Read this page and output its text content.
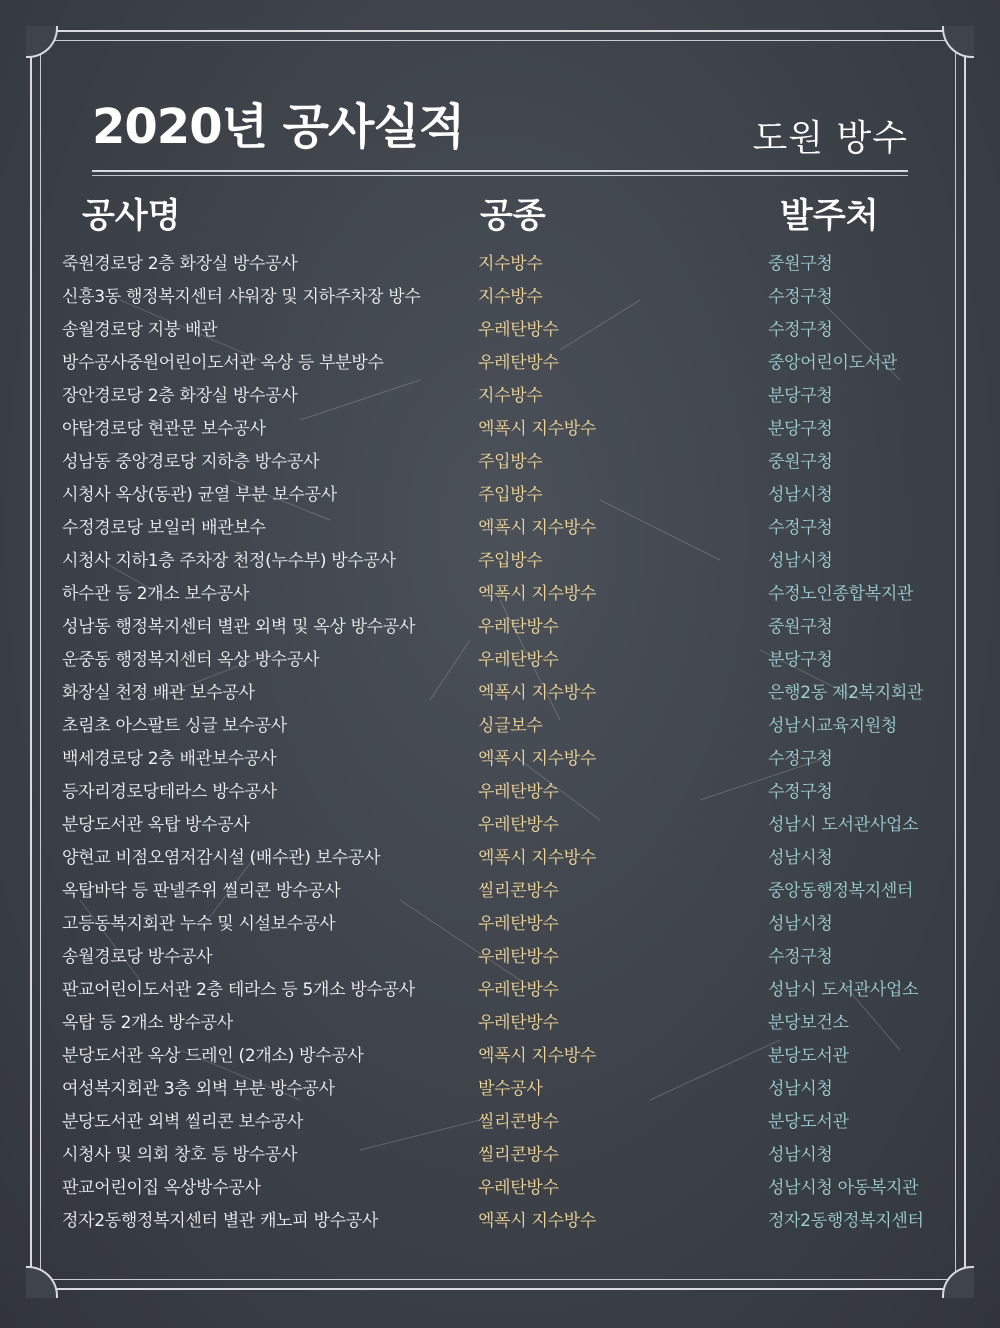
2020년 공사실적	도원 방수
공사명	공종	발주처
죽원경로당 2층 화장실 방수공사	지수방수	중원구청
신흥3동 행정복지센터 샤워장 및 지하주차장 방수	지수방수	수정구청
송월경로당 지붕 배관	우레탄방수	수정구청
방수공사중원어린이도서관 옥상 등 부분방수	우레탄방수	중앙어린이도서관
장안경로당 2층 화장실 방수공사	지수방수	분당구청
야탑경로당 현관문 보수공사	엑폭시 지수방수	분당구청
성남동 중앙경로당 지하층 방수공사	주입방수	중원구청
시청사 옥상(동관) 균열 부분 보수공사	주입방수	성남시청
수정경로당 보일러 배관보수	엑폭시 지수방수	수정구청
시청사 지하1층 주차장 천정(누수부) 방수공사	주입방수	성남시청
하수관 등 2개소 보수공사	엑폭시 지수방수	수정노인종합복지관
성남동 행정복지센터 별관 외벽 및 옥상 방수공사	우레탄방수	중원구청
운중동 행정복지센터 옥상 방수공사	우레탄방수	분당구청
화장실 천정 배관 보수공사	엑폭시 지수방수	은행2동 제2복지회관
초림초 아스팔트 싱글 보수공사	싱글보수	성남시교육지원청
백세경로당 2층 배관보수공사	엑폭시 지수방수	수정구청
등자리경로당테라스 방수공사	우레탄방수	수정구청
분당도서관 옥탑 방수공사	우레탄방수	성남시 도서관사업소
양현교 비점오염저감시설 (배수관) 보수공사	엑폭시 지수방수	성남시청
옥탑바닥 등 판넬주위 씰리콘 방수공사	씰리콘방수	중앙동행정복지센터
고등동복지회관 누수 및 시설보수공사	우레탄방수	성남시청
송월경로당 방수공사	우레탄방수	수정구청
판교어린이도서관 2층 테라스 등 5개소 방수공사	우레탄방수	성남시 도서관사업소
옥탑 등 2개소 방수공사	우레탄방수	분당보건소
분당도서관 옥상 드레인 (2개소) 방수공사	엑폭시 지수방수	분당도서관
여성복지회관 3층 외벽 부분 방수공사	발수공사	성남시청
분당도서관 외벽 씰리콘 보수공사	씰리콘방수	분당도서관
시청사 및 의회 창호 등 방수공사	씰리콘방수	성남시청
판교어린이집 옥상방수공사	우레탄방수	성남시청 아동복지관
정자2동행정복지센터 별관 캐노피 방수공사	엑폭시 지수방수	정자2동행정복지센터
